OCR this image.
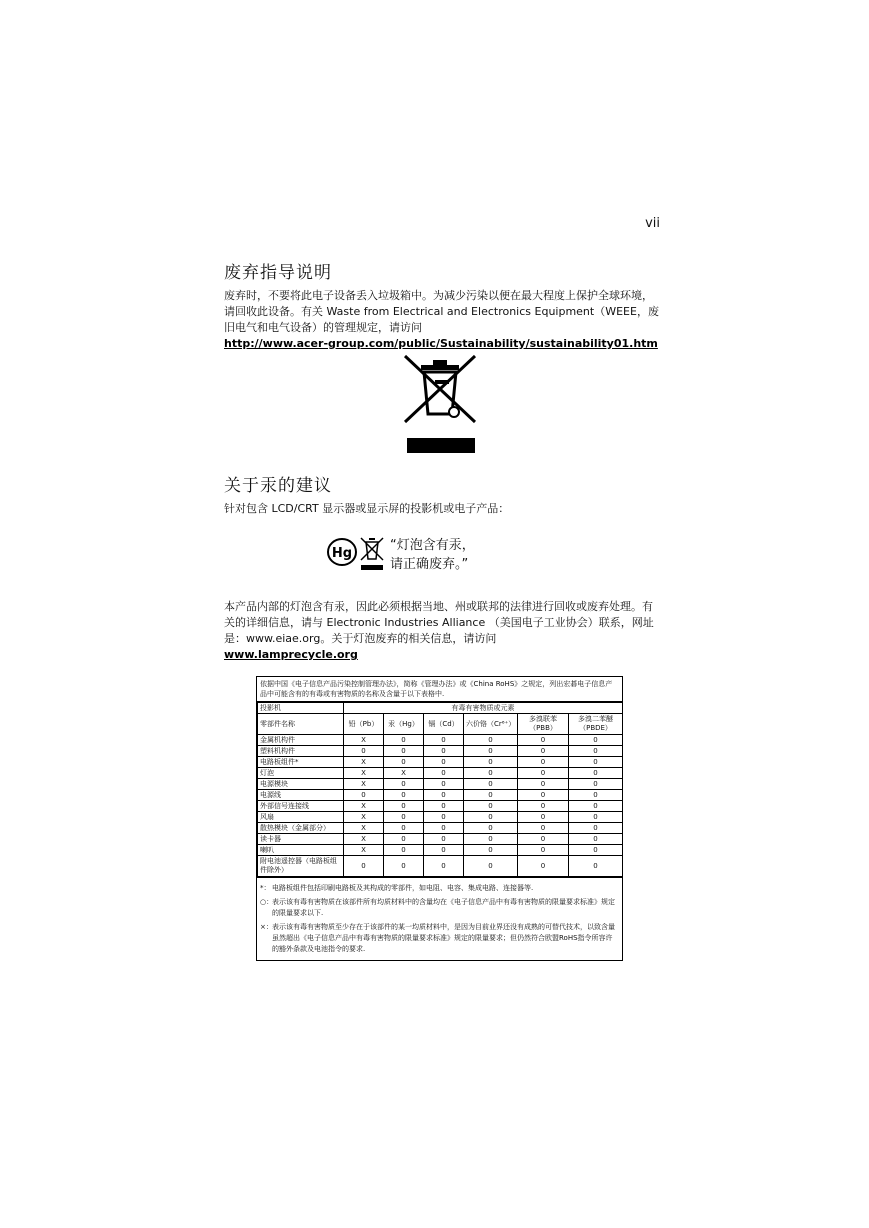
vii
废弃指导说明
废弃时，不要将此电子设备丢入垃圾箱中。为减少污染以便在最大程度上保护全球环境，请回收此设备。有关 Waste from Electrical and Electronics Equipment（WEEE，废旧电气和电气设备）的管理规定，请访问
http://www.acer-group.com/public/Sustainability/sustainability01.htm
关于汞的建议
针对包含 LCD/CRT 显示器或显示屏的投影机或电子产品：
Hg
“灯泡含有汞，
请正确废弃。”
本产品内部的灯泡含有汞，因此必须根据当地、州或联邦的法律进行回收或废弃处理。有关的详细信息，请与 Electronic Industries Alliance （美国电子工业协会）联系，网址是：www.eiae.org。关于灯泡废弃的相关信息，请访问
www.lamprecycle.org
依据中国《电子信息产品污染控制管理办法》，简称《管理办法》或《China RoHS》之规定，列出宏碁电子信息产品中可能含有的有毒或有害物质的名称及含量于以下表格中.
投影机	有毒有害物质或元素					
零部件名称	铅（Pb）	汞（Hg）	镉（Cd）	六价铬（Cr⁶⁺）	多溴联苯（PBB）	多溴二苯醚（PBDE）
金属机构件	X	0	0	0	0	0
塑料机构件	0	0	0	0	0	0
电路板组件*	X	0	0	0	0	0
灯泡	X	X	0	0	0	0
电源模块	X	0	0	0	0	0
电源线	0	0	0	0	0	0
外部信号连接线	X	0	0	0	0	0
风扇	X	0	0	0	0	0
散热模块（金属部分）	X	0	0	0	0	0
读卡器	X	0	0	0	0	0
喇叭	X	0	0	0	0	0
附电池遥控器（电路板组件除外）	0	0	0	0	0	0
*： 电路板组件包括印刷电路板及其构成的零部件，如电阻、电容、集成电路、连接器等.
○：
表示该有毒有害物质在该部件所有均质材料中的含量均在《电子信息产品中有毒有害物质的限量要求标准》规定的限量要求以下.
×： 表示该有毒有害物质至少存在于该部件的某一均质材料中，是因为目前业界还没有成熟的可替代技术，以致含量虽然超出《电子信息产品中有毒有害物质的限量要求标准》规定的限量要求；但仍然符合欧盟RoHS指令所容许的豁外条款及电池指令的要求.
